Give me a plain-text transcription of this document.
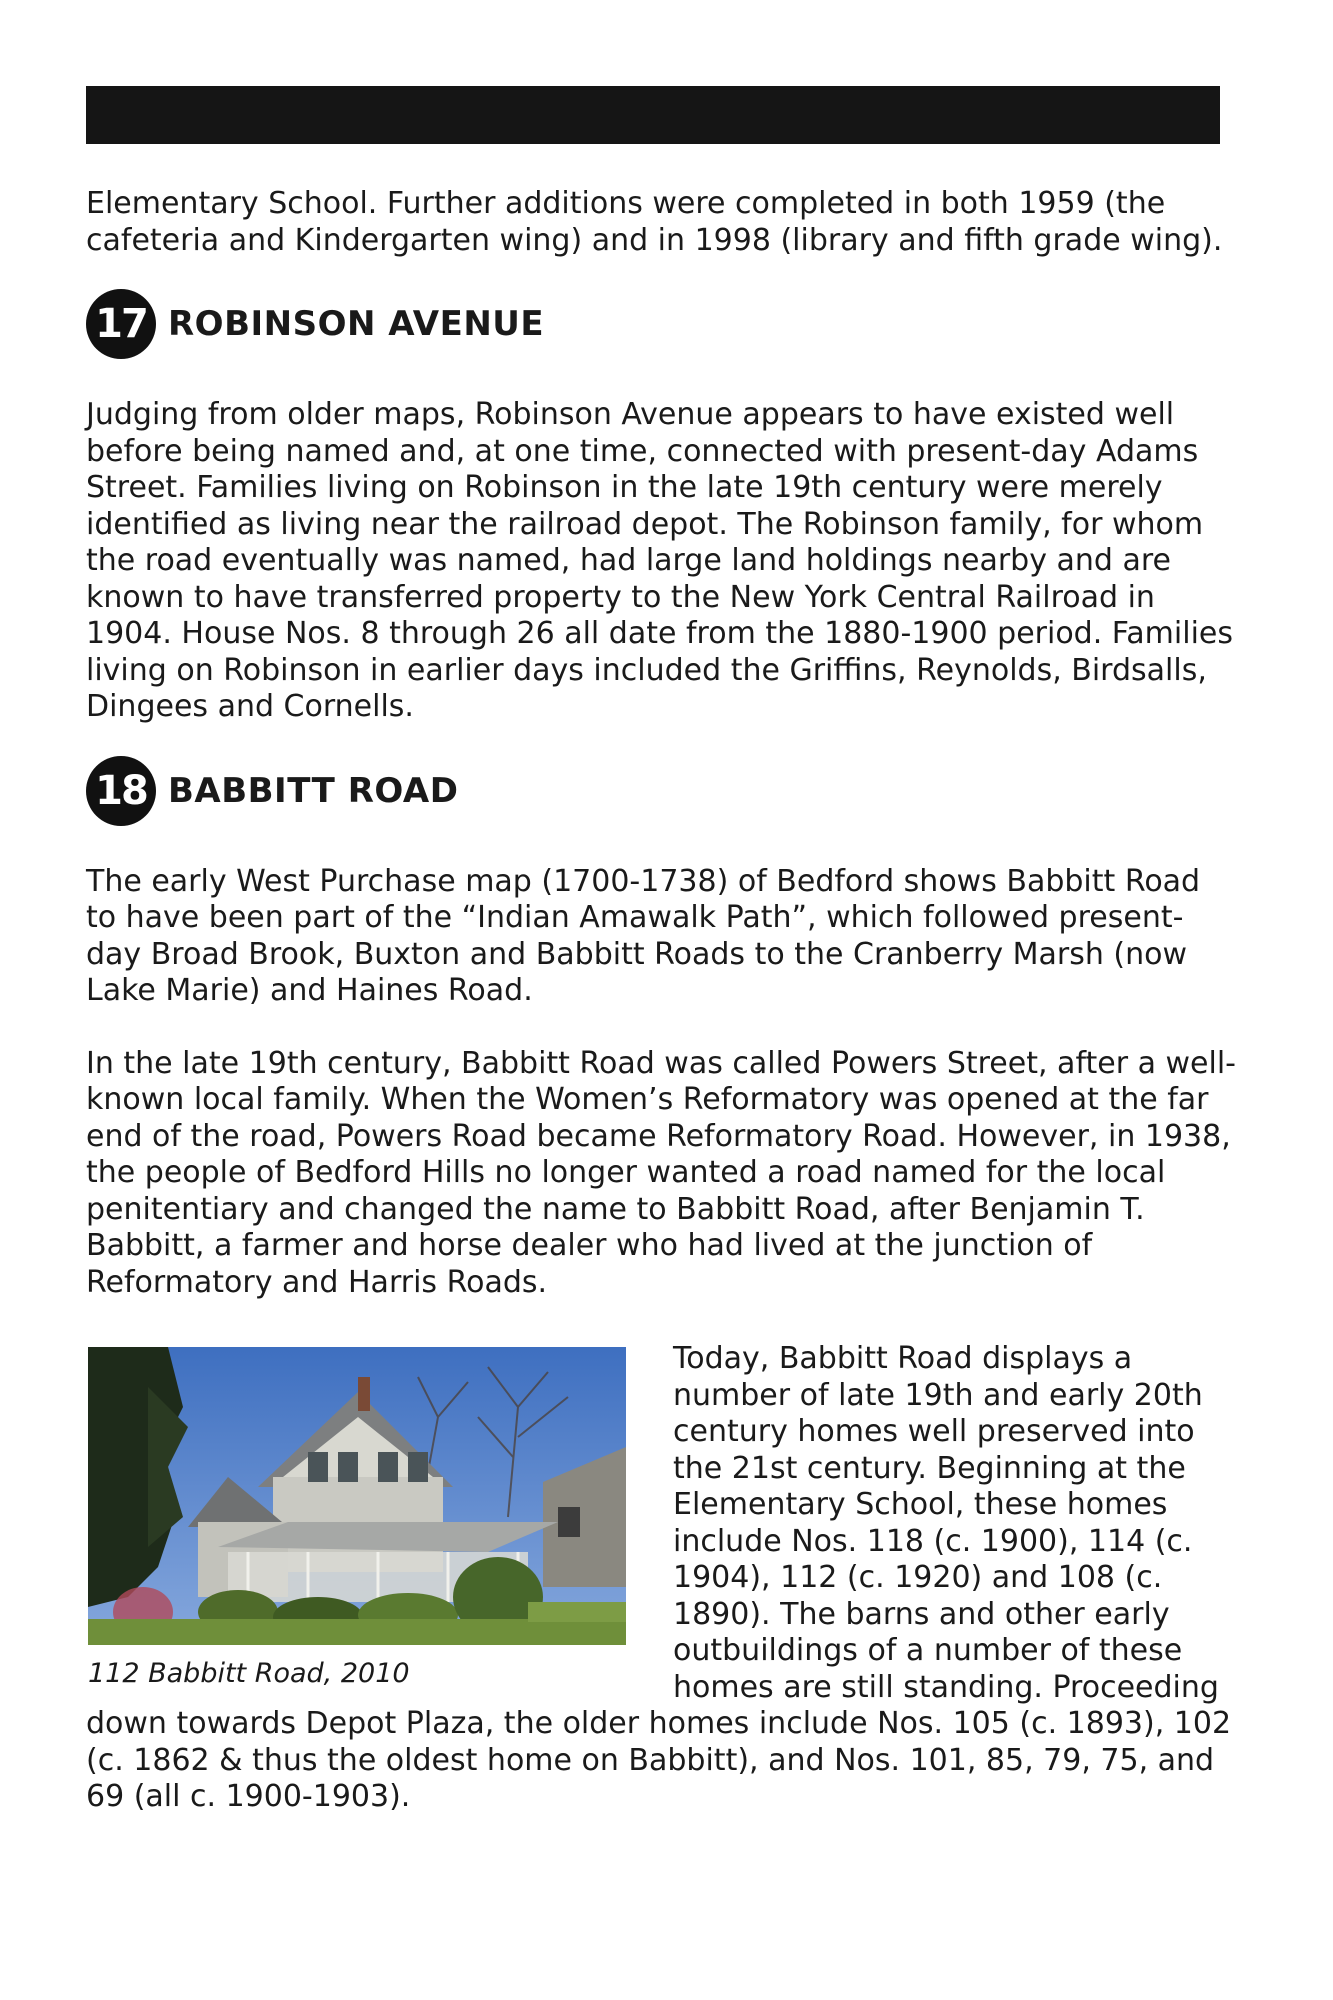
Elementary School. Further additions were completed in both 1959 (the cafeteria and Kindergarten wing) and in 1998 (library and fifth grade wing).

17 ROBINSON AVENUE

Judging from older maps, Robinson Avenue appears to have existed well before being named and, at one time, connected with present-day Adams Street. Families living on Robinson in the late 19th century were merely identified as living near the railroad depot. The Robinson family, for whom the road eventually was named, had large land holdings nearby and are known to have transferred property to the New York Central Railroad in 1904. House Nos. 8 through 26 all date from the 1880-1900 period. Families living on Robinson in earlier days included the Griffins, Reynolds, Birdsalls, Dingees and Cornells.

18 BABBITT ROAD

The early West Purchase map (1700-1738) of Bedford shows Babbitt Road to have been part of the “Indian Amawalk Path”, which followed present-day Broad Brook, Buxton and Babbitt Roads to the Cranberry Marsh (now Lake Marie) and Haines Road.

In the late 19th century, Babbitt Road was called Powers Street, after a well-known local family. When the Women’s Reformatory was opened at the far end of the road, Powers Road became Reformatory Road. However, in 1938, the people of Bedford Hills no longer wanted a road named for the local penitentiary and changed the name to Babbitt Road, after Benjamin T. Babbitt, a farmer and horse dealer who had lived at the junction of Reformatory and Harris Roads.

112 Babbitt Road, 2010

Today, Babbitt Road displays a number of late 19th and early 20th century homes well preserved into the 21st century. Beginning at the Elementary School, these homes include Nos. 118 (c. 1900), 114 (c. 1904), 112 (c. 1920) and 108 (c. 1890). The barns and other early outbuildings of a number of these homes are still standing. Proceeding down towards Depot Plaza, the older homes include Nos. 105 (c. 1893), 102 (c. 1862 & thus the oldest home on Babbitt), and Nos. 101, 85, 79, 75, and 69 (all c. 1900-1903).
